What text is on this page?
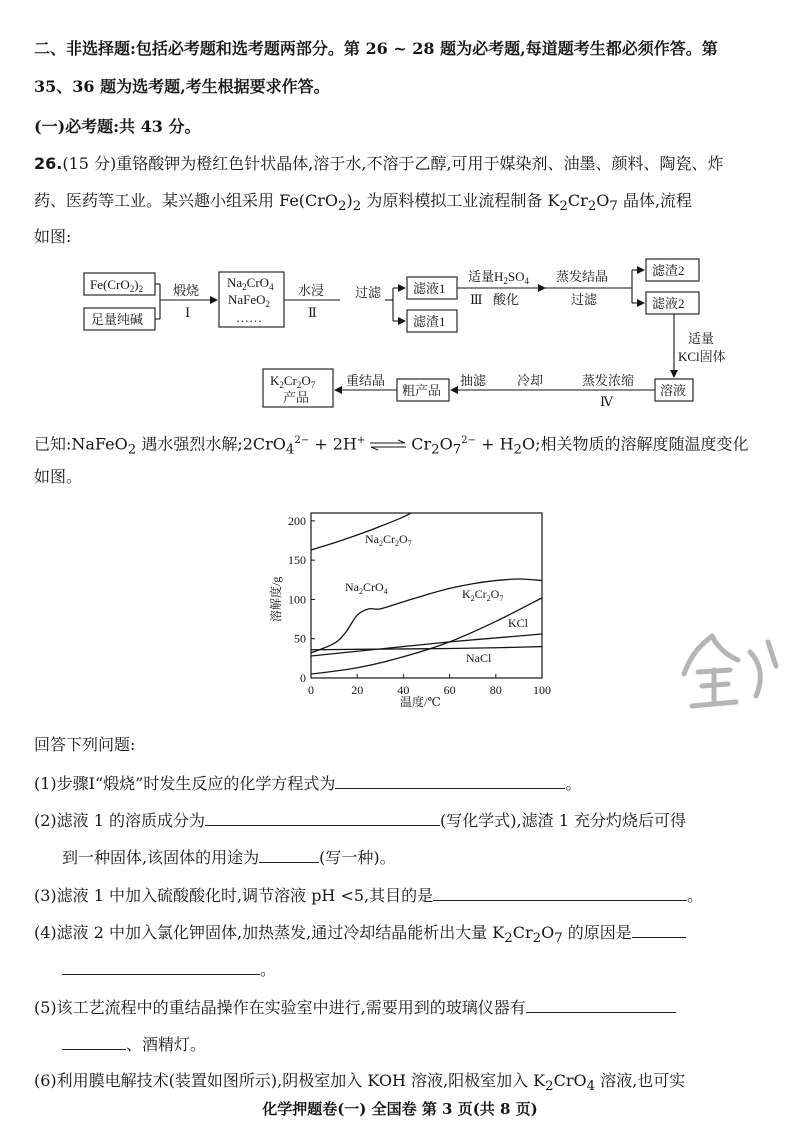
二、非选择题:包括必考题和选考题两部分。第 26 ~ 28 题为必考题,每道题考生都必须作答。第
35、36 题为选考题,考生根据要求作答。
(一)必考题:共 43 分。
26.(15 分)重铬酸钾为橙红色针状晶体,溶于水,不溶于乙醇,可用于媒染剂、油墨、颜料、陶瓷、炸
药、医药等工业。某兴趣小组采用 $Fe(CrO_2)_2$ 为原料模拟工业流程制备 $K_2Cr_2O_7$ 晶体,流程
如图:
$Fe(CrO_2)_2$
足量纯碱
煅烧
Ⅰ
$Na_2CrO_4$
NaFeO$_2$
……
水浸
Ⅱ
过滤 滤液1
滤渣1
适量$H_2SO_4$
Ⅲ 酸化
蒸发结晶
过滤
滤渣2
滤液2
适量
KCl固体
溶液
蒸发浓缩
Ⅳ
冷却
抽滤
粗产品
重结晶
$K_2Cr_2O_7$
产品
已知:NaFeO$_2$ 遇水强烈水解;2CrO$_4^{2-}$ + 2H+ ⇌ $Cr_2O_7^{2-} + H_2O$;相关物质的溶解度随温度变化
如图。
0	20	40	60	80	100
50
100
150
200
0
$Na_2Cr_2O_7$
$Na_2CrO_4$	$K_2Cr_2O_7$
KCl
NaCl
温度/℃
溶解度/g
回答下列问题:
(1)步骤Ⅰ“煅烧”时发生反应的化学方程式为	。
(2)滤液 1 的溶质成分为	(写化学式),滤渣 1 充分灼烧后可得
到一种固体,该固体的用途为	(写一种)。
(3)滤液 1 中加入硫酸酸化时,调节溶液 pH <5,其目的是	。
(4)滤液 2 中加入氯化钾固体,加热蒸发,通过冷却结晶能析出大量 $K_2Cr_2O_7$ 的原因是
。
(5)该工艺流程中的重结晶操作在实验室中进行,需要用到的玻璃仪器有
、酒精灯。
(6)利用膜电解技术(装置如图所示),阴极室加入 KOH 溶液,阳极室加入 $K_2CrO_4$ 溶液,也可实
化学押题卷(一) 全国卷 第 3 页(共 8 页)
